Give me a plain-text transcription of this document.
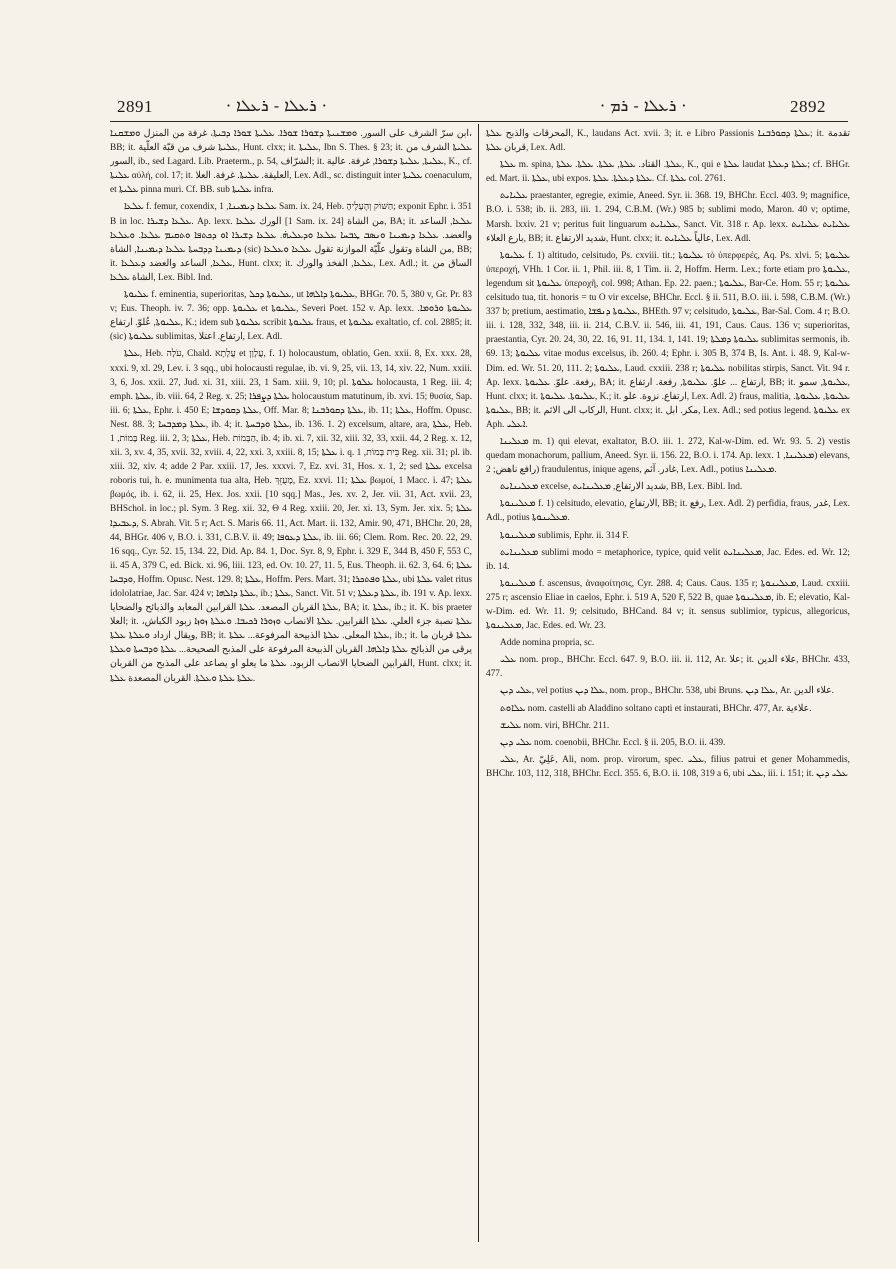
2891	· ܪܥܠܐ - ܪܥܠܐ ·	· ܪܥܠܐ - ܪܡ ·	2892

ابن سرّ الشرف على السور. ܘܡܫܢܝܬܐ ܕܫܘܪܐ ܫܘܪܐ. ܥܠܝܬܐ ܫܘܪܐ ܕܒܝܬܐ، غرفة من المنزل ܘܡܫܩܢܐ، BB; it. ܥܠܝܬܐ شرف من قبّة العلّية, Hunt. clxx; it. ܥܠܝܬܐ, Ibn S. Thes. § 23; it. ܥܠܝܬܐ الشرف من السور, ib., sed Lagard. Lib. Praeterm., p. 54, الشرّاف; it. ܥܠܝܬܐ, ܥܠܝܬܐ ܕܫܘܪܐ, غرفة. عالية, K., cf. ܥܠܝܬܐ αὐλή, col. 17; it. العليقة. ܥܠܝܬܐ. غرفة. العلا, Lex. Adl., sc. distinguit inter ܥܠܝܬܐ coenaculum, et ܥܠܝܬܐ pinna muri. Cf. BB. sub ܥܠܝܬܐ infra.

ܥܠܥܐ f. femur, coxendix, ܥܠܥܐ ܕܝܡܝܢܐ, 1 Sam. ix. 24, Heb. הַשּׁוֹק וְהֶעָלֶיהָ; exponit Ephr. i. 351 B in loc. ܥܠܥܐ ܕܫܝܪܐ. Ap. lexx. الورك ܥܠܥܐ [1 Sam. ix. 24] من الشاة, BA; it. ܥܠܥܐ, الساعد والعضد. ܥܠܥܐ ܕܝܡܝܢܐ ܘܢܣܒ ܛܒܚܐ ܥܠܥܐ ܘܕܥܠܝܗ̇. ܥܠܥܐ ܕܫܝܪܐ ܐܘ ܕܟܬܦܐ ܘܬܩܝܡ ܥܠܥܐ. ܘܥܠܥܐ ܕܝܡܝܢܐ ܕܕܒܚܬܐ ܥܠܥܐ ܕܝܡܝܢܐ, الشاة (sic) من الشاة وتقول علّيّة الموازنة تقول ܥܠܥܐ ܘܥܠܥܐ, BB; it. ܥܠܥܐ, الساعد والعضد ܕܥܠܥܐ, Hunt. clxx; it. ܥܠܥܐ, الفخذ والورك, Lex. Adl.; it. الساق من الشاة ܥܠܥܐ, Lex. Bibl. Ind.

ܥܠܝܘܬܐ f. eminentia, superioritas, ܥܠܝܘܬܐ ܕܟܠ, ut ܥܠܝܘܬܐ ܕܐܠܗܐ, BHGr. 70. 5, 380 v, Gr. Pr. 83 v; Eus. Theoph. iv. 7. 36; opp. ܥܠܝܘܬܐ et ܥܠܝܘܬܐ, Severi Poet. 152 v. Ap. lexx. ܥܠܝܘܬܐ ܘܪܘܡܐ. ܥܠܝܘܬܐ, عُلوّ. ارتفاع, K.; idem sub ܥܠܝܘܬܐ scribit ܥܠܝܘܬܐ fraus, et ܥܠܝܘܬܐ exaltatio, cf. col. 2885; it. (sic) ܥܠܝܘܬܐ sublimitas, ارتفاع. اعتلا, Lex. Adl.

ܥܠܬܐ, Heb. עֹלָה, Chald. עֲלָתָא et עֲלָוָן, f. 1) holocaustum, oblatio, Gen. xxii. 8, Ex. xxx. 28, xxxi. 9, xl. 29, Lev. i. 3 sqq., ubi holocausti regulae, ib. vi. 9, 25, vii. 13, 14, xiv. 22, Num. xxiii. 3, 6, Jos. xxii. 27, Jud. xi. 31, xiii. 23, 1 Sam. xiii. 9, 10; pl. ܥܠܘܬܐ holocausta, 1 Reg. iii. 4; emph. ܥܠܬܐ, ib. viii. 64, 2 Reg. x. 25; ܥܠܬܐ ܕܨܦܪܐ holocaustum matutinum, ib. xvi. 15; θυσία, Sap. iii. 6; ܥܠܬܐ, Ephr. i. 450 E; ܥܠܬܐ ܕܩܘܕܫܐ, Off. Mar. 8; ܥܠܬܐ ܕܩܘܪܒܢܐ, ib. 11; ܥܠܬܐ, Hoffm. Opusc. Nest. 88. 3; ܥܠܬܐ ܕܡܕܒܚܐ, ib. 4; it. ܥܠܬܐ ܘܕܒܚܬܐ, ib. 136. 1. 2) excelsum, altare, ara, ܥܠܬܐ, Heb. בָּמוֹת, 1 Reg. iii. 2, 3; ܥܠܬܐ, Heb. הַבְּמוֹת, ib. 4; ib. xi. 7, xii. 32, xiii. 32, 33, xxii. 44, 2 Reg. x. 12, xii. 3, xv. 4, 35, xvii. 32, xviii. 4, 22, xxi. 3, xxiii. 8, 15; ܥܠܬܐ i. q. בֵּית בָּמוֹת, 1 Reg. xii. 31; pl. ib. xiii. 32, xiv. 4; adde 2 Par. xxiii. 17, Jes. xxxvi. 7, Ez. xvi. 31, Hos. x. 1, 2; sed ܥܠܬܐ excelsa roboris tui, h. e. munimenta tua alta, Heb. מָעֻזֵּךְ, Ez. xxvi. 11; ܥܠܬܐ βωμοί, 1 Macc. i. 47; ܥܠܬܐ βωμός, ib. i. 62, ii. 25, Hex. Jos. xxii. [10 sqq.] Mas., Jes. xv. 2, Jer. vii. 31, Act. xvii. 23, BHSchol. in loc.; pl. Sym. 3 Reg. xii. 32, Θ 4 Reg. xxiii. 20, Jer. xi. 13, Sym. Jer. xix. 5; ܥܠܬܐ ܕܥܒܝܕܐ, S. Abrah. Vit. 5 r; Act. S. Maris 66. 11, Act. Mart. ii. 132, Amir. 90, 471, BHChr. 20, 28, 44, BHGr. 406 v, B.O. i. 331, C.B.V. ii. 49; ܥܠܬܐ ܕܥܘܦܐ, ib. iii. 66; Clem. Rom. Rec. 20. 22, 29. 16 sqq., Cyr. 52. 15, 134. 22, Did. Ap. 84. 1, Doc. Syr. 8, 9, Ephr. i. 329 E, 344 B, 450 F, 553 C, ii. 45 A, 379 C, ed. Bick. xi. 96, liii. 123, ed. Ov. 10. 27, 11. 5, Eus. Theoph. ii. 62. 3, 64. 6; ܥܠܬܐ ܘܕܒܚܐ, Hoffm. Opusc. Nest. 129. 8; ܥܠܬܐ, Hoffm. Pers. Mart. 31; ܥܠܬܐ ܘܦܬܟܪܐ, ubi ܥܠܬܐ valet ritus idololatriae, Jac. Sar. 424 v; ܥܠܬܐ ܕܐܠܗܐ, ib.; ܥܠܬܐ, Sanct. Vit. 51 v; ܥܠܬܐ ܕܥܠܬܐ, ib. 191 v. Ap. lexx. ܥܠܬܐ القربان المصعد. ܥܠܬܐ القرابين المعابد والذبائح والضحايا, BA; it. ܥܠܬܐ, ib.; it. K. bis praeter العلا; it. ܥܠܬܐ نصبة جزء العلي. ܥܠܬܐ القرابين. ܥܠܬܐ الانصاب ܘܙܘܪܐ ܪܟܝܒܐ. ܘܥܠܬܐ ܙܘܙܐ زبود الكباش، ويقال ازداد ܘܥܠܬܐ ܥܠܬܐ, BB; it. ܥܠܬܐ المعلى. ܥܠܬܐ الذبيحة المرفوعة... ܥܠܬܐ, ib.; it. ܥܠܬܐ قربان ما يرقى من الذبائح ܥܠܬܐ ܕܐܠܗܐ. القربان الذبيحة المرفوعة على المذبح الصحيحة... ܥܠܬܐ ܘܕܒܚܬܐ ܘܥܠܬܐ القرابين الضحايا الانصاب الزبود. ܥܠܬܐ ما يعلو او يصاعد على المذبح من القربان, Hunt. clxx; it. ܥܠܬܐ ܥܠܬܐ ܘܥܠܬܐ. القربان المصعدة ܥܠܬܐ.

المحرقات والذبح ܥܠܬܐ, K., laudans Act. xvii. 3; it. e Libro Passionis ܥܠܬܐ ܕܩܘܪܒܢܐ; it. تقدمة قربان ܥܠܬܐ, Lex. Adl.

ܥܠܬܐ m. spina, ܥܠܬܐ. القتاد. ܥܠܬܐ, ܥܠܬܐ. ܥܠܬܐ. ܥܠܬܐ, K., qui e ܥܠܬܐ laudat ܥܠܬܐ ܕܥܠܬܐ; cf. BHGr. ed. Mart. ii. ܥܠܬܐ, ubi expos. ܥܠܬܐ ܕܥܠܬܐ. ܥܠܬܐ. Cf. ܥܠܬܐ col. 2761.

ܥܠܝܐܝܬ praestanter, egregie, eximie, Aneed. Syr. ii. 368. 19, BHChr. Eccl. 403. 9; magnifice, B.O. i. 538; ib. ii. 283, iii. 1. 294, C.B.M. (Wr.) 985 b; sublimi modo, Maron. 40 v; optime, Marsh. lxxiv. 21 v; peritus fuit linguarum ܥܠܝܐܝܬ, Sanct. Vit. 318 r. Ap. lexx. ܥܠܝܐܝܬ ܥܠܝܐܝܬ بارع العلاء, BB; it. شديد الارتفاع, Hunt. clxx; it. عالياً ܥܠܝܐܝܬ, Lex. Adl.

ܥܠܝܘܬܐ f. 1) altitudo, celsitudo, Ps. cxviii. tit.; ܥܠܝܘܬܐ τὸ ὑπερφερές, Aq. Ps. xlvi. 5; ܥܠܝܘܬܐ ὑπεροχή, VHh. 1 Cor. ii. 1, Phil. iii. 8, 1 Tim. ii. 2, Hoffm. Herm. Lex.; forte etiam pro ܥܠܝܘܬܐ, legendum sit ܥܠܝܘܬܐ ὑπεροχῆ, col. 998; Athan. Ep. 22. paen.; ܥܠܝܘܬܐ, Bar-Ce. Hom. 55 r; ܥܠܝܘܬܐ celsitudo tua, tit. honoris = tu O vir excelse, BHChr. Eccl. § ii. 511, B.O. iii. i. 598, C.B.M. (Wr.) 337 b; pretium, aestimatio, ܥܠܝܘܬܐ ܕܢܦܫܐ, BHEth. 97 v; celsitudo, ܥܠܝܘܬܐ, Bar-Sal. Com. 4 r; B.O. iii. i. 128, 332, 348, iii. ii. 214, C.B.V. ii. 546, iii. 41, 191, Caus. Caus. 136 v; superioritas, praestantia, Cyr. 20. 24, 30, 22. 16, 91. 11, 134. 1, 141. 19; ܥܠܝܘܬܐ ܕܡܠܬܐ sublimitas sermonis, ib. 69. 13; ܥܠܝܘܬܐ vitae modus excelsus, ib. 260. 4; Ephr. i. 305 B, 374 B, Is. Ant. i. 48. 9, Kal-w-Dim. ed. Wr. 51. 20, 111. 2; ܥܠܝܘܬܐ, Laud. cxxiii. 238 r; ܥܠܝܘܬܐ nobilitas stirpis, Sanct. Vit. 94 r. Ap. lexx. رفعة. علوّ. ܥܠܝܘܬܐ, BA; it. ارتفاع ... علوّ. ܥܠܝܘܬܐ, رفعة. ارتفاع, BB; it. ܥܠܝܘܬܐ, سمو, Hunt. clxx; it. ܥܠܝܘܬܐ. ܥܠܝܘܬܐ, K.; it. ارتفاع. نزوة. علو, Lex. Adl. 2) fraus, malitia, ܥܠܝܘܬܐ, ܥܠܝܘܬܐ. ܥܠܝܘܬܐ, BB; it. الركاب الى الاثم, Hunt. clxx; it. مكر. ابل, Lex. Adl.; sed potius legend. ܥܠܝܘܬܐ ex Aph. ܐܥܠܝ.

ܡܥܠܝܢܐ m. 1) qui elevat, exaltator, B.O. iii. 1. 272, Kal-w-Dim. ed. Wr. 93. 5. 2) vestis quedam monachorum, pallium, Aneed. Syr. ii. 156. 22, B.O. i. 174. Ap. lexx. ܡܥܠܝܢܐ, 1) elevans, رافع ناهض; 2) fraudulentus, inique agens, غادر. آثم, Lex. Adl., potius ܡܥܠܝܢܐ.

ܡܥܠܝܢܐܝܬ excelse, شديد الارتفاع, ܡܥܠܝܢܐܝܬ, BB, Lex. Bibl. Ind.

ܡܥܠܝܢܘܬܐ f. 1) celsitudo, elevatio, الارتفاع, BB; it. رفع, Lex. Adl. 2) perfidia, fraus, غدر, Lex. Adl., potius ܡܥܠܝܢܘܬܐ.

ܡܥܠܝܢܘܬܐ sublimis, Ephr. ii. 314 F.

ܡܥܠܝܢܐܝܬ sublimi modo = metaphorice, typice, quid velit ܡܥܠܝܢܐܝܬ, Jac. Edes. ed. Wr. 12; ib. 14.

ܡܥܠܝܢܘܬܐ f. ascensus, ἀναφοίτησις, Cyr. 288. 4; Caus. Caus. 135 r; ܡܥܠܝܢܘܬܐ, Laud. cxxiii. 275 r; ascensio Eliae in caelos, Ephr. i. 519 A, 520 F, 522 B, quae ܡܥܠܝܢܘܬܐ, ib. E; elevatio, Kal-w-Dim. ed. Wr. 11. 9; celsitudo, BHCand. 84 v; it. sensus sublimior, typicus, allegoricus, ܡܥܠܝܢܘܬܐ, Jac. Edes. ed. Wr. 23.

Adde nomina propria, sc.

ܥܠܝ nom. prop., BHChr. Eccl. 647. 9, B.O. iii. ii. 112, Ar. علا; it. علاء الدين, BHChr. 433, 477.

ܥܠܝ ܕܝܢ, vel potius ܥܠܐ ܕܝܢ, nom. prop., BHChr. 538, ubi Bruns. ܥܠܐ ܕܝܢ, Ar. علاء الدين.

ܥܠܐܘܬ nom. castelli ab Aladdino soltano capti et instaurati, BHChr. 477, Ar. علاءية.

ܥܠܝܫ nom. viri, BHChr. 211.

ܥܠܝ ܕܝܢ nom. coenobii, BHChr. Eccl. § ii. 205, B.O. ii. 439.

ܥܠܝ, Ar. عَلِيّ, Ali, nom. prop. virorum, spec. ܥܠܝ, filius patrui et gener Mohammedis, BHChr. 103, 112, 318, BHChr. Eccl. 355. 6, B.O. ii. 108, 319 a 6, ubi ܥܠܝ, iii. i. 151; it. ܥܠܝ ܕܝܢ
